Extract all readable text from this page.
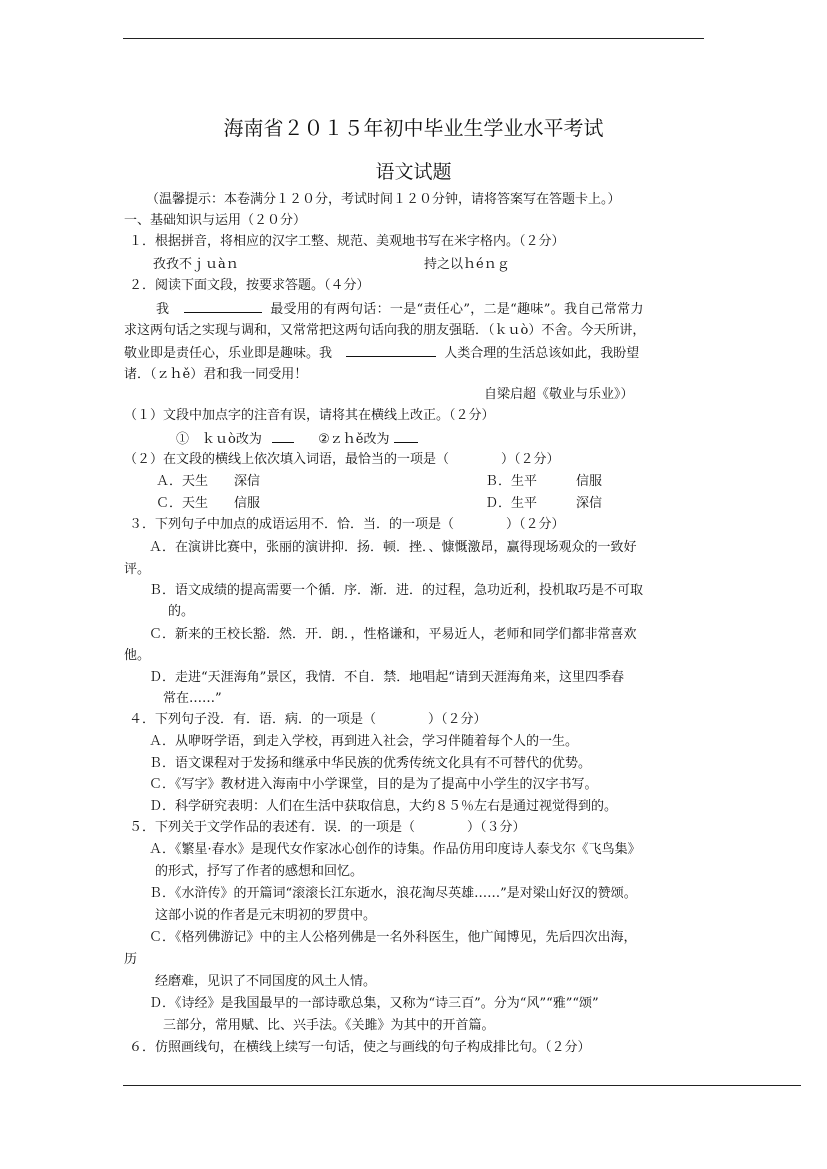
海南省２０１５年初中毕业生学业水平考试
语文试题
（温馨提示：本卷满分１２０分，考试时间１２０分钟，请将答案写在答题卡上。）
一、基础知识与运用（２０分）
１．根据拼音，将相应的汉字工整、规范、美观地书写在米字格内。（２分）
孜孜不ｊｕàｎ	持之以ｈéｎｇ
２．阅读下面文段，按要求答题。（４分）
我	最受用的有两句话：一是“责任心”，二是“趣味”。我自己常常力
求这两句话之实现与调和，又常常把这两句话向我的朋友强聒．（ｋｕò）不舍。今天所讲，
敬业即是责任心，乐业即是趣味。我	人类合理的生活总该如此，我盼望
诸．（ｚｈě）君和我一同受用！
自梁启超《敬业与乐业》）
（１）文段中加点字的注音有误，请将其在横线上改正。（２分）
①　ｋｕò改为	②ｚｈě改为
（２）在文段的横线上依次填入词语，最恰当的一项是（　　　　）（２分）
Ａ．天生　　深信	Ｂ．生平　　　信服
Ｃ．天生　　信服	Ｄ．生平　　　深信
３．下列句子中加点的成语运用不．恰．当．的一项是（　　　　）（２分）
Ａ．在演讲比赛中，张丽的演讲抑．扬．顿．挫．、慷慨激昂，赢得现场观众的一致好
评。
Ｂ．语文成绩的提高需要一个循．序．渐．进．的过程，急功近利，投机取巧是不可取
的。
Ｃ．新来的王校长豁．然．开．朗．，性格谦和，平易近人，老师和同学们都非常喜欢
他。
Ｄ．走进“天涯海角”景区，我情．不自．禁．地唱起“请到天涯海角来，这里四季春
常在……”
４．下列句子没．有．语．病．的一项是（　　　　）（２分）
Ａ．从咿呀学语，到走入学校，再到进入社会，学习伴随着每个人的一生。
Ｂ．语文课程对于发扬和继承中华民族的优秀传统文化具有不可替代的优势。
Ｃ．《写字》教材进入海南中小学课堂，目的是为了提高中小学生的汉字书写。
Ｄ．科学研究表明：人们在生活中获取信息，大约８５％左右是通过视觉得到的。
５．下列关于文学作品的表述有．误．的一项是（　　　　）（３分）
Ａ．《繁星·春水》是现代女作家冰心创作的诗集。作品仿用印度诗人泰戈尔《飞鸟集》
的形式，抒写了作者的感想和回忆。
Ｂ．《水浒传》的开篇词“滚滚长江东逝水，浪花淘尽英雄……”是对梁山好汉的赞颂。
这部小说的作者是元末明初的罗贯中。
Ｃ．《格列佛游记》中的主人公格列佛是一名外科医生，他广闻博见，先后四次出海，
历
经磨难，见识了不同国度的风土人情。
Ｄ．《诗经》是我国最早的一部诗歌总集，又称为“诗三百”。分为“风”“雅”“颂”
三部分，常用赋、比、兴手法。《关雎》为其中的开首篇。
６．仿照画线句，在横线上续写一句话，使之与画线的句子构成排比句。（２分）
